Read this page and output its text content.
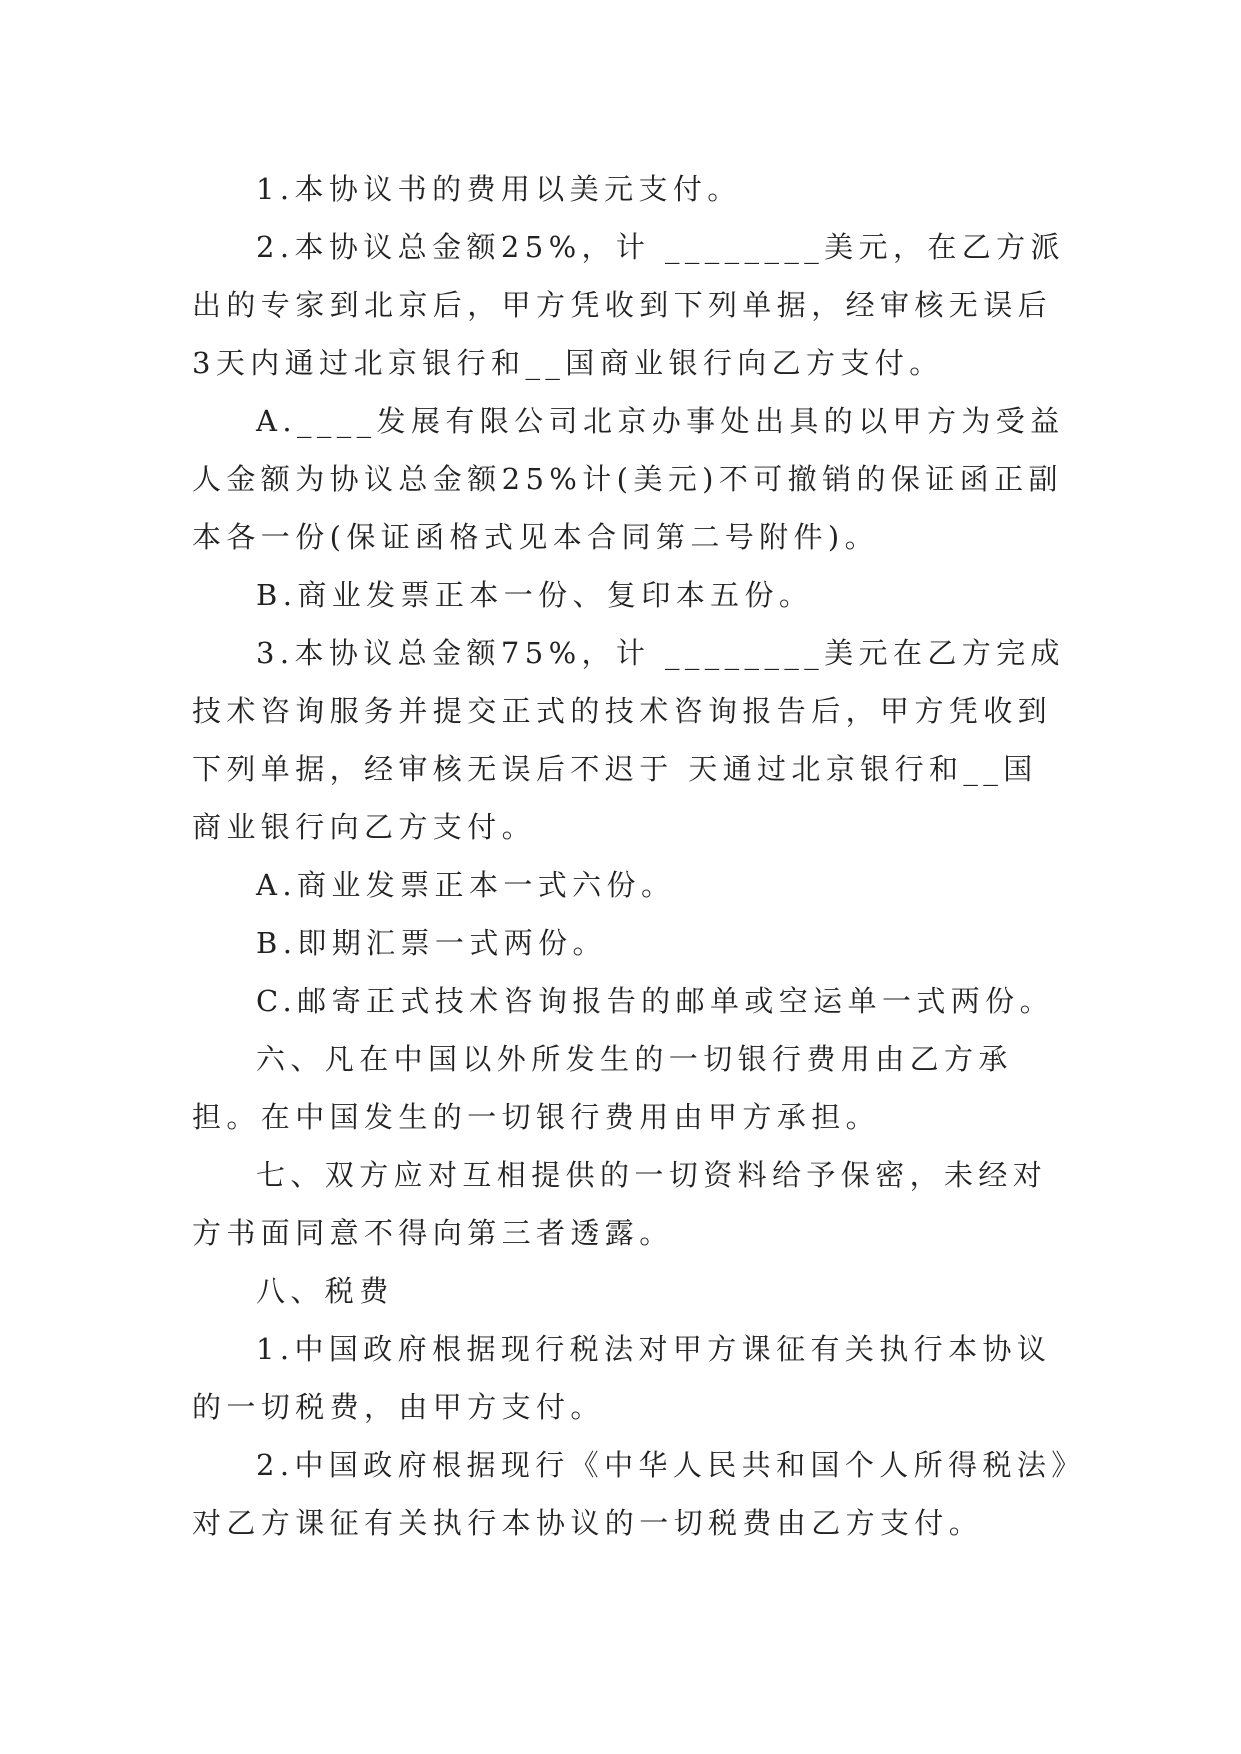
1.本协议书的费用以美元支付。

2.本协议总金额25%，计 ________美元，在乙方派出的专家到北京后，甲方凭收到下列单据，经审核无误后3天内通过北京银行和__国商业银行向乙方支付。

A.____发展有限公司北京办事处出具的以甲方为受益人金额为协议总金额25%计(美元)不可撤销的保证函正副本各一份(保证函格式见本合同第二号附件)。

B.商业发票正本一份、复印本五份。

3.本协议总金额75%，计 ________美元在乙方完成技术咨询服务并提交正式的技术咨询报告后，甲方凭收到下列单据，经审核无误后不迟于 天通过北京银行和__国商业银行向乙方支付。

A.商业发票正本一式六份。

B.即期汇票一式两份。

C.邮寄正式技术咨询报告的邮单或空运单一式两份。

六、凡在中国以外所发生的一切银行费用由乙方承担。在中国发生的一切银行费用由甲方承担。

七、双方应对互相提供的一切资料给予保密，未经对方书面同意不得向第三者透露。

八、税费

1.中国政府根据现行税法对甲方课征有关执行本协议的一切税费，由甲方支付。

2.中国政府根据现行《中华人民共和国个人所得税法》对乙方课征有关执行本协议的一切税费由乙方支付。
